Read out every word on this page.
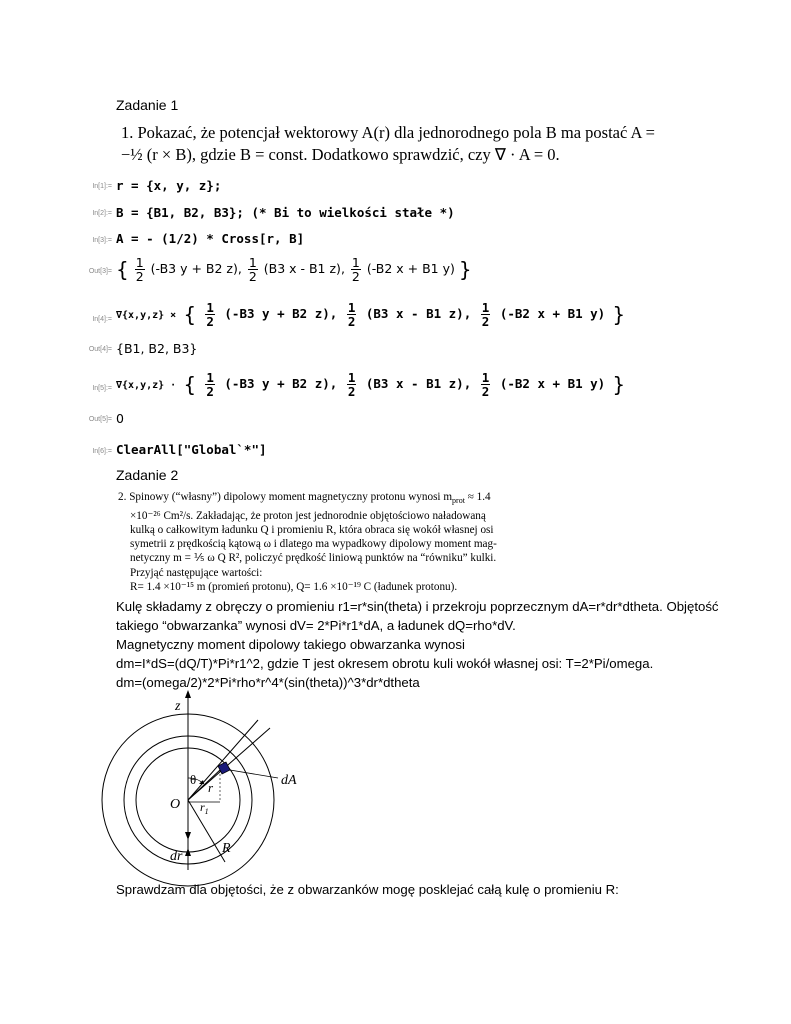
Zadanie 1
1. Pokazać, że potencjał wektorowy A(r) dla jednorodnego pola B ma postać A =
−½ (r × B), gdzie B = const. Dodatkowo sprawdzić, czy ∇ · A = 0.
In[1]:= r = {x, y, z};
In[2]:= B = {B1, B2, B3}; (* Bi to wielkości stałe *)
In[3]:= A = - (1/2) * Cross[r, B]
Out[3]= { $\frac{1}{2} (-B3$ y + B2 z), $\frac{1}{2} (B3$ x - B1 z), $\frac{1}{2} (-B2$ x + B1 y) }
In[4]:= ∇{x,y,z} × { $\frac{1}{2} (-B3$ y + B2 z), $\frac{1}{2} (B3$ x - B1 z), $\frac{1}{2} (-B2$ x + B1 y) }
Out[4]= {B1, B2, B3}
In[5]:= ∇{x,y,z} · { $\frac{1}{2} (-B3$ y + B2 z), $\frac{1}{2} (B3$ x - B1 z), $\frac{1}{2} (-B2$ x + B1 y) }
Out[5]= 0
In[6]:= ClearAll["Global`*"]
Zadanie 2
2. Spinowy (“własny”) dipolowy moment magnetyczny protonu wynosi $m_{prot} \approx 1.4$
×10⁻²⁶ Cm²/s. Zakładając, że proton jest jednorodnie objętościowo naładowaną
kulką o całkowitym ładunku Q i promieniu R, która obraca się wokół własnej osi
symetrii z prędkością kątową ω i dlatego ma wypadkowy dipolowy moment mag-
netyczny m = ⅕ ω Q R², policzyć prędkość liniową punktów na “równiku” kulki.
Przyjąć następujące wartości:
R= 1.4 ×10⁻¹⁵ m (promień protonu), Q= 1.6 ×10⁻¹⁹ C (ładunek protonu).
Kulę składamy z obręczy o promieniu r1=r*sin(theta) i przekroju poprzecznym dA=r*dr*dtheta. Objętość takiego “obwarzanka” wynosi dV= 2*Pi*r1*dA, a ładunek dQ=rho*dV.
Magnetyczny moment dipolowy takiego obwarzanka wynosi
dm=I*dS=(dQ/T)*Pi*r1^2, gdzie T jest okresem obrotu kuli wokół własnej osi: T=2*Pi/omega.
dm=(omega/2)*2*Pi*rho*r^4*(sin(theta))^3*dr*dtheta
z
θ
r
$r_1$
O
dA
dr
R
Sprawdzam dla objętości, że z obwarzanków mogę posklejać całą kulę o promieniu R:
